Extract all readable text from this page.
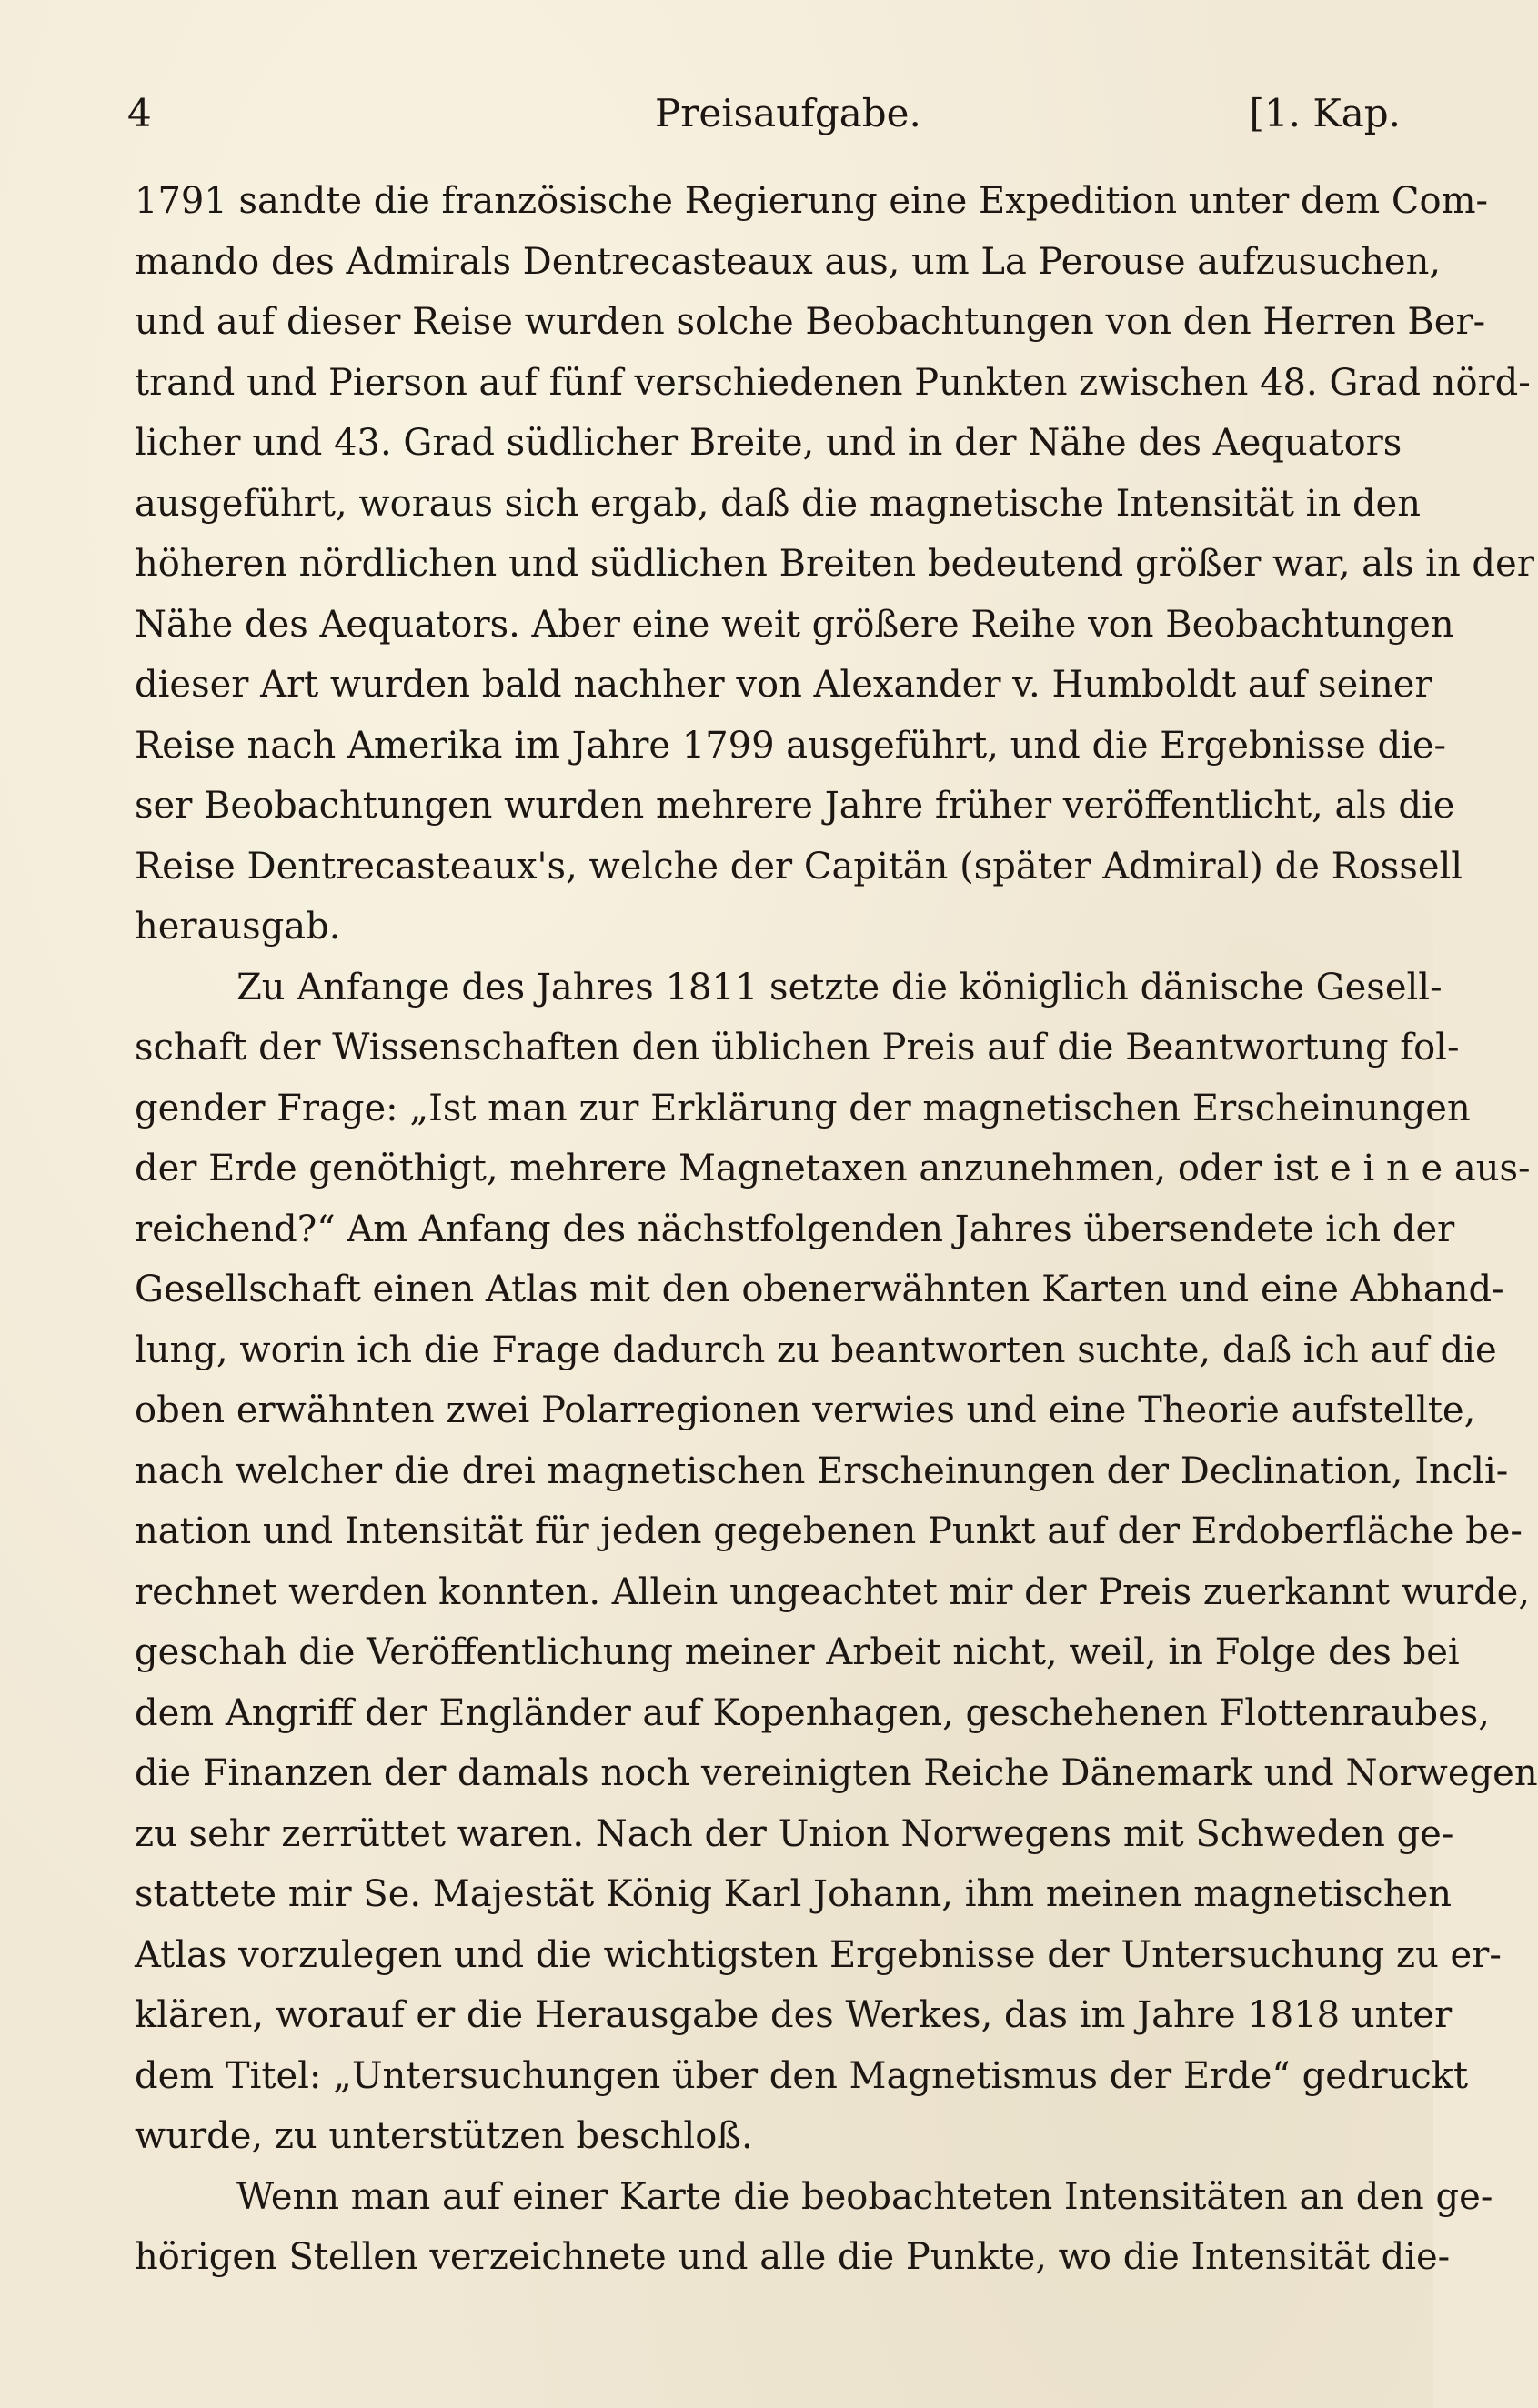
4	Preisaufgabe.	[1. Kap.
1791 sandte die französische Regierung eine Expedition unter dem Com-
mando des Admirals Dentrecasteaux aus, um La Perouse aufzusuchen,
und auf dieser Reise wurden solche Beobachtungen von den Herren Ber-
trand und Pierson auf fünf verschiedenen Punkten zwischen 48. Grad nörd-
licher und 43. Grad südlicher Breite, und in der Nähe des Aequators
ausgeführt, woraus sich ergab, daß die magnetische Intensität in den
höheren nördlichen und südlichen Breiten bedeutend größer war, als in der
Nähe des Aequators. Aber eine weit größere Reihe von Beobachtungen
dieser Art wurden bald nachher von Alexander v. Humboldt auf seiner
Reise nach Amerika im Jahre 1799 ausgeführt, und die Ergebnisse die-
ser Beobachtungen wurden mehrere Jahre früher veröffentlicht, als die
Reise Dentrecasteaux's, welche der Capitän (später Admiral) de Rossell
herausgab.
Zu Anfange des Jahres 1811 setzte die königlich dänische Gesell-
schaft der Wissenschaften den üblichen Preis auf die Beantwortung fol-
gender Frage: „Ist man zur Erklärung der magnetischen Erscheinungen
der Erde genöthigt, mehrere Magnetaxen anzunehmen, oder ist e i n e aus-
reichend?“ Am Anfang des nächstfolgenden Jahres übersendete ich der
Gesellschaft einen Atlas mit den obenerwähnten Karten und eine Abhand-
lung, worin ich die Frage dadurch zu beantworten suchte, daß ich auf die
oben erwähnten zwei Polarregionen verwies und eine Theorie aufstellte,
nach welcher die drei magnetischen Erscheinungen der Declination, Incli-
nation und Intensität für jeden gegebenen Punkt auf der Erdoberfläche be-
rechnet werden konnten. Allein ungeachtet mir der Preis zuerkannt wurde,
geschah die Veröffentlichung meiner Arbeit nicht, weil, in Folge des bei
dem Angriff der Engländer auf Kopenhagen, geschehenen Flottenraubes,
die Finanzen der damals noch vereinigten Reiche Dänemark und Norwegen
zu sehr zerrüttet waren. Nach der Union Norwegens mit Schweden ge-
stattete mir Se. Majestät König Karl Johann, ihm meinen magnetischen
Atlas vorzulegen und die wichtigsten Ergebnisse der Untersuchung zu er-
klären, worauf er die Herausgabe des Werkes, das im Jahre 1818 unter
dem Titel: „Untersuchungen über den Magnetismus der Erde“ gedruckt
wurde, zu unterstützen beschloß.
Wenn man auf einer Karte die beobachteten Intensitäten an den ge-
hörigen Stellen verzeichnete und alle die Punkte, wo die Intensität die-
